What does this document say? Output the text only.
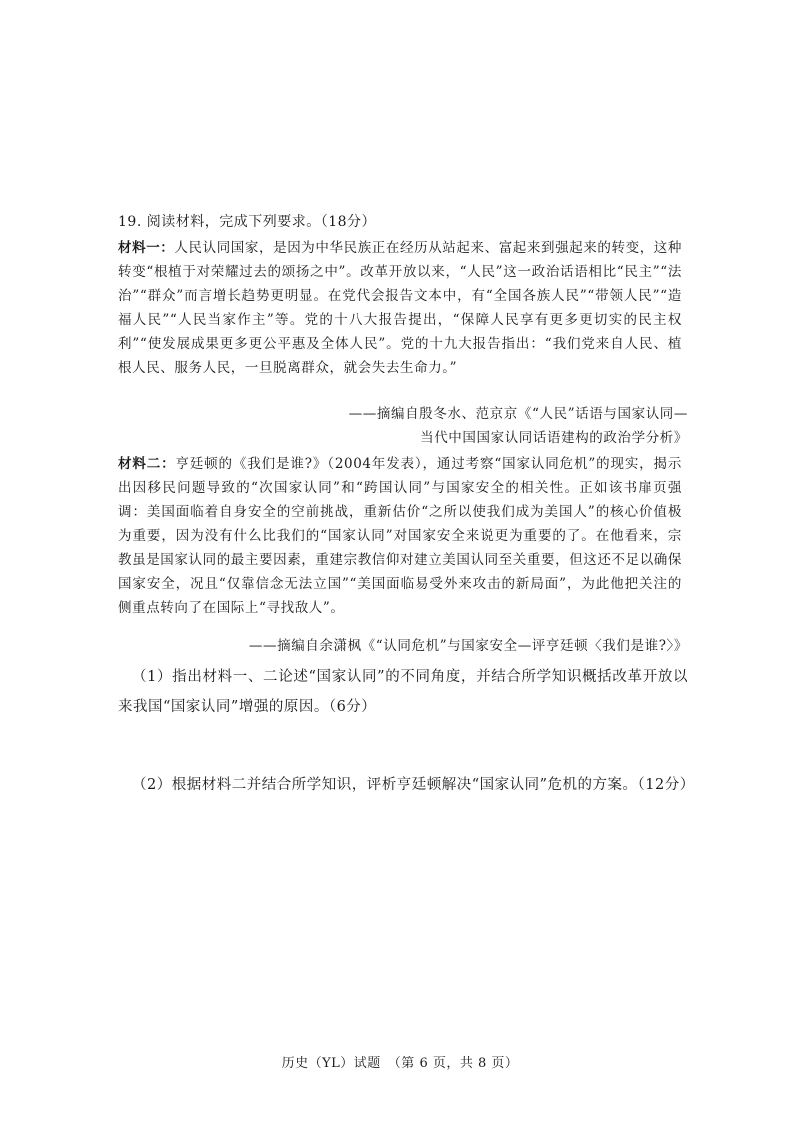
19. 阅读材料，完成下列要求。（18分）
材料一：人民认同国家，是因为中华民族正在经历从站起来、富起来到强起来的转变，这种转变“根植于对荣耀过去的颂扬之中”。改革开放以来，“人民”这一政治话语相比“民主”“法治”“群众”而言增长趋势更明显。在党代会报告文本中，有“全国各族人民”“带领人民”“造福人民”“人民当家作主”等。党的十八大报告提出，“保障人民享有更多更切实的民主权利”“使发展成果更多更公平惠及全体人民”。党的十九大报告指出：“我们党来自人民、植根人民、服务人民，一旦脱离群众，就会失去生命力。”
——摘编自殷冬水、范京京《“人民”话语与国家认同—
当代中国国家认同话语建构的政治学分析》
材料二：亨廷顿的《我们是谁?》（2004年发表），通过考察“国家认同危机”的现实，揭示出因移民问题导致的“次国家认同”和“跨国认同”与国家安全的相关性。正如该书扉页强调：美国面临着自身安全的空前挑战，重新估价“之所以使我们成为美国人”的核心价值极为重要，因为没有什么比我们的“国家认同”对国家安全来说更为重要的了。在他看来，宗教虽是国家认同的最主要因素，重建宗教信仰对建立美国认同至关重要，但这还不足以确保国家安全，况且“仅靠信念无法立国”“美国面临易受外来攻击的新局面”，为此他把关注的侧重点转向了在国际上“寻找敌人”。
——摘编自余潇枫《“认同危机”与国家安全—评亨廷顿〈我们是谁?〉》
（1）指出材料一、二论述“国家认同”的不同角度，并结合所学知识概括改革开放以来我国“国家认同”增强的原因。（6分）
（2）根据材料二并结合所学知识，评析亨廷顿解决“国家认同”危机的方案。（12分）
历史（YL）试题　（第 6 页，共 8 页）
